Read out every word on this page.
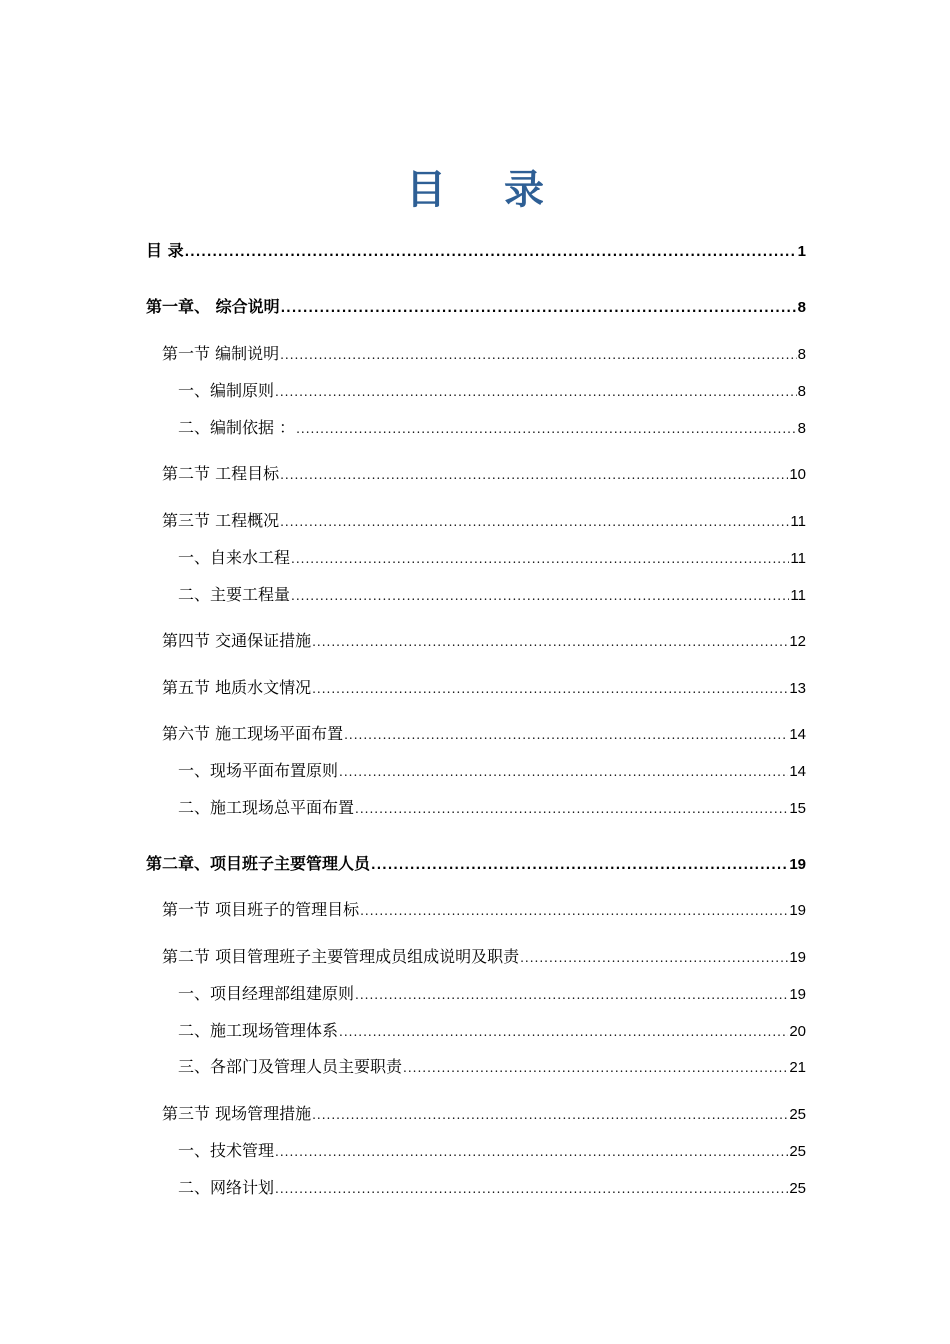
目 录
目 录 .....	1
第一章、 综合说明 .....	8
第一节 编制说明 .....	8
一、编制原则 .....	8
二、编制依据 ： .....	8
第二节 工程目标 .....	10
第三节 工程概况 .....	11
一、自来水工程 .....	11
二、主要工程量 .....	11
第四节 交通保证措施 .....	12
第五节 地质水文情况 .....	13
第六节 施工现场平面布置 .....	14
一、现场平面布置原则 .....	14
二、施工现场总平面布置 .....	15
第二章、项目班子主要管理人员 .....	19
第一节 项目班子的管理目标 .....	19
第二节 项目管理班子主要管理成员组成说明及职责 .....	19
一、项目经理部组建原则 .....	19
二、施工现场管理体系 .....	20
三、各部门及管理人员主要职责 .....	21
第三节 现场管理措施 .....	25
一、技术管理 .....	25
二、网络计划 .....	25
